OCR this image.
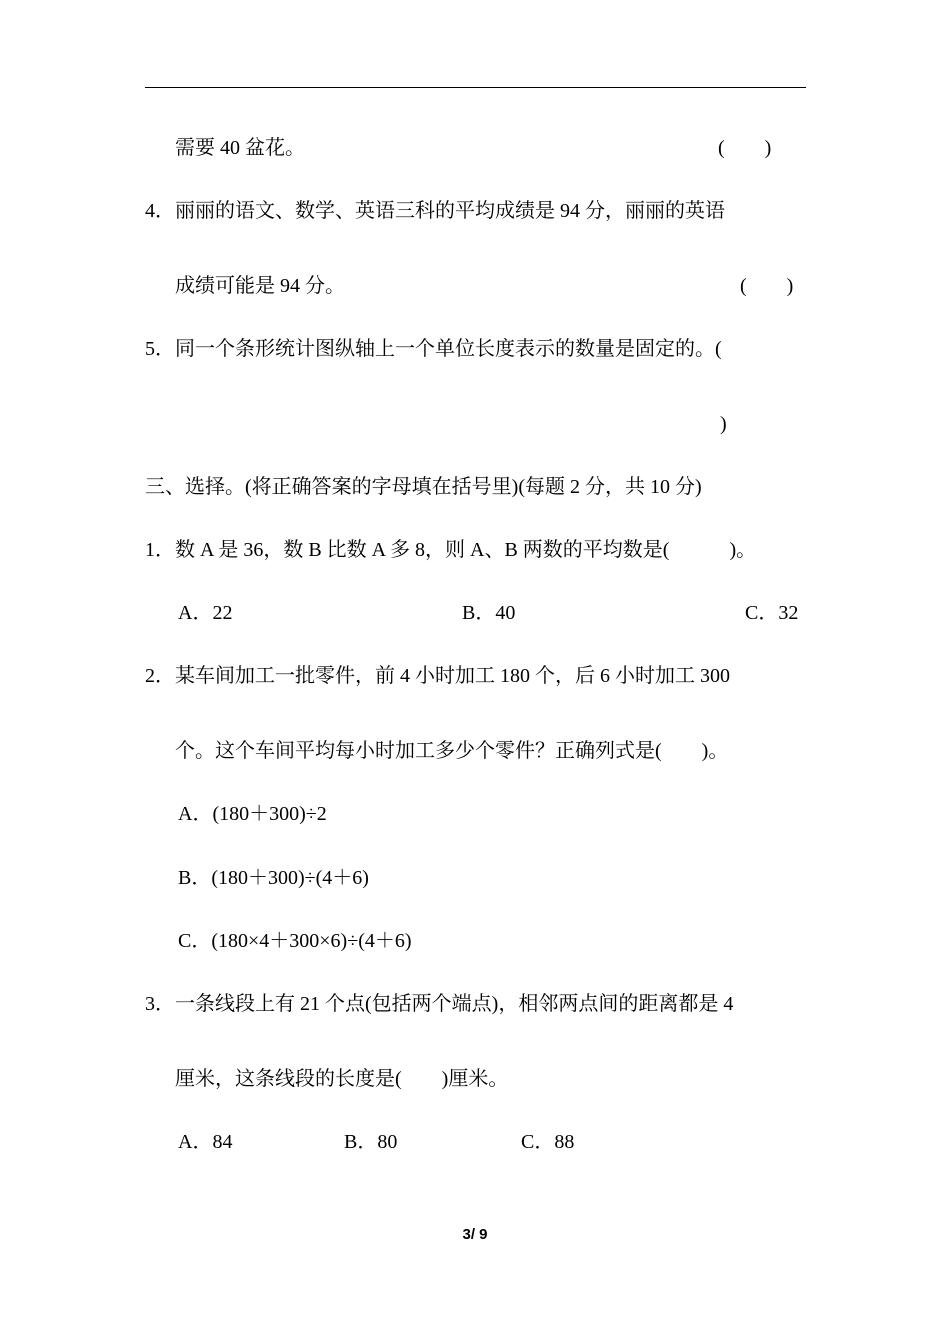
需要 40 盆花。	(　　)
4．丽丽的语文、数学、英语三科的平均成绩是 94 分，丽丽的英语
成绩可能是 94 分。	(　　)
5．同一个条形统计图纵轴上一个单位长度表示的数量是固定的。(
)
三、选择。(将正确答案的字母填在括号里)(每题 2 分，共 10 分)
1．数 A 是 36，数 B 比数 A 多 8，则 A、B 两数的平均数是(　　　)。
A．22	B．40	C．32
2．某车间加工一批零件，前 4 小时加工 180 个，后 6 小时加工 300
个。这个车间平均每小时加工多少个零件？正确列式是(　　)。
A．(180＋300)÷2
B．(180＋300)÷(4＋6)
C．(180×4＋300×6)÷(4＋6)
3．一条线段上有 21 个点(包括两个端点)，相邻两点间的距离都是 4
厘米，这条线段的长度是(　　)厘米。
A．84	B．80	C．88
3/ 9
